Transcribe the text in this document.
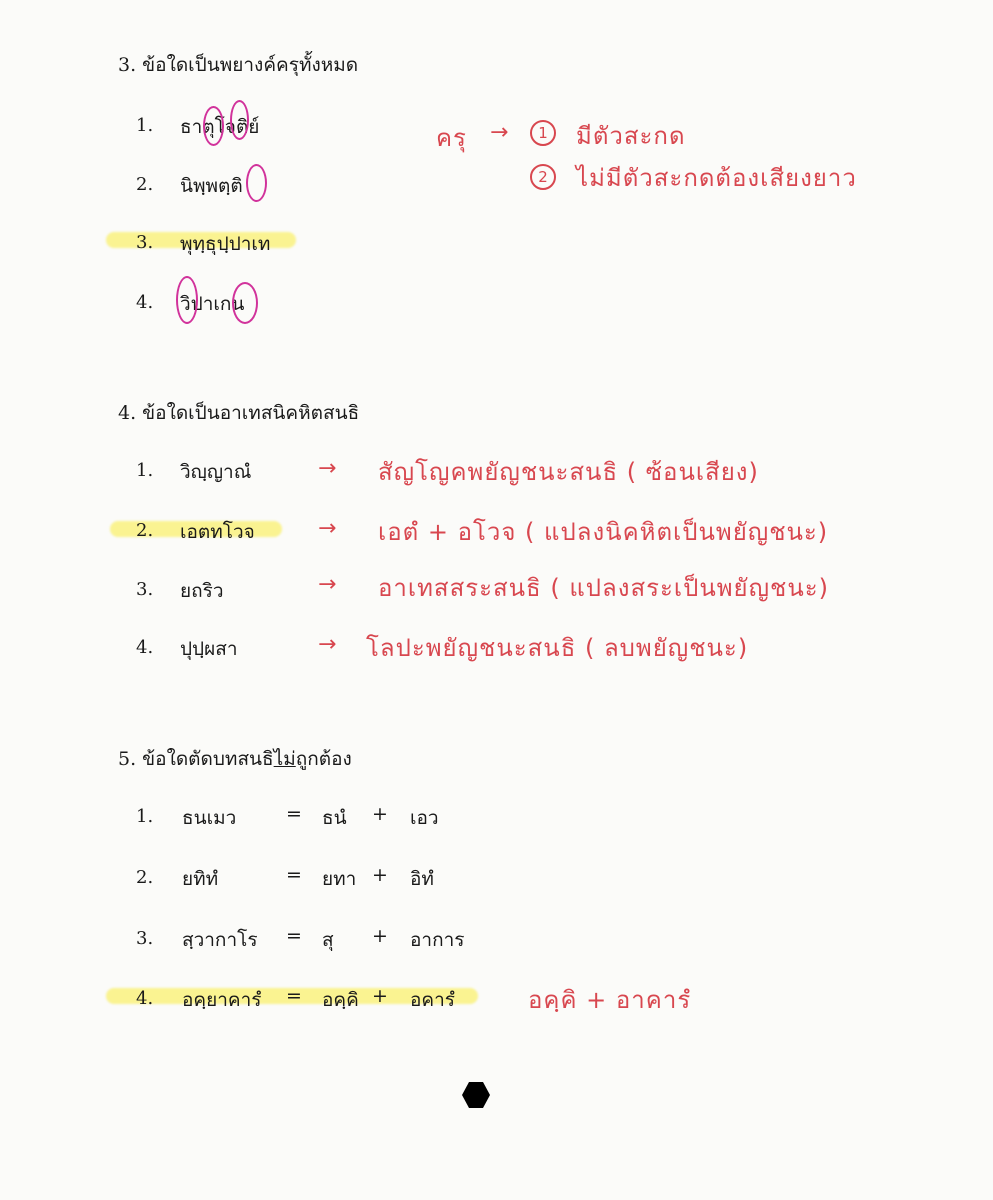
3. ข้อใดเป็นพยางค์ครุทั้งหมด
1. ธาตุโจติย์
2. นิพฺพตฺติ
3. พุทฺธุปฺปาเท
4. วิปาเกน
ครุ →	1	มีตัวสะกด
2	ไม่มีตัวสะกดต้องเสียงยาว
4. ข้อใดเป็นอาเทสนิคหิตสนธิ
1. วิญฺญาณํ	→ สัญโญคพยัญชนะสนธิ ( ซ้อนเสียง)
2. เอตทโวจ	→ เอตํ + อโวจ ( แปลงนิคหิตเป็นพยัญชนะ)
3. ยถริว	→ อาเทสสระสนธิ ( แปลงสระเป็นพยัญชนะ)
4. ปุปฺผสา	→ โลปะพยัญชนะสนธิ ( ลบพยัญชนะ)
5. ข้อใดตัดบทสนธิไม่ถูกต้อง
1. ธนเมว	= ธนํ + เอว
2. ยทิทํ	= ยทา + อิทํ
3. สฺวากาโร = สุ + อาการ
4. อคฺยาคารํ = อคฺคิ + อคารํ	อคฺคิ + อาคารํ
